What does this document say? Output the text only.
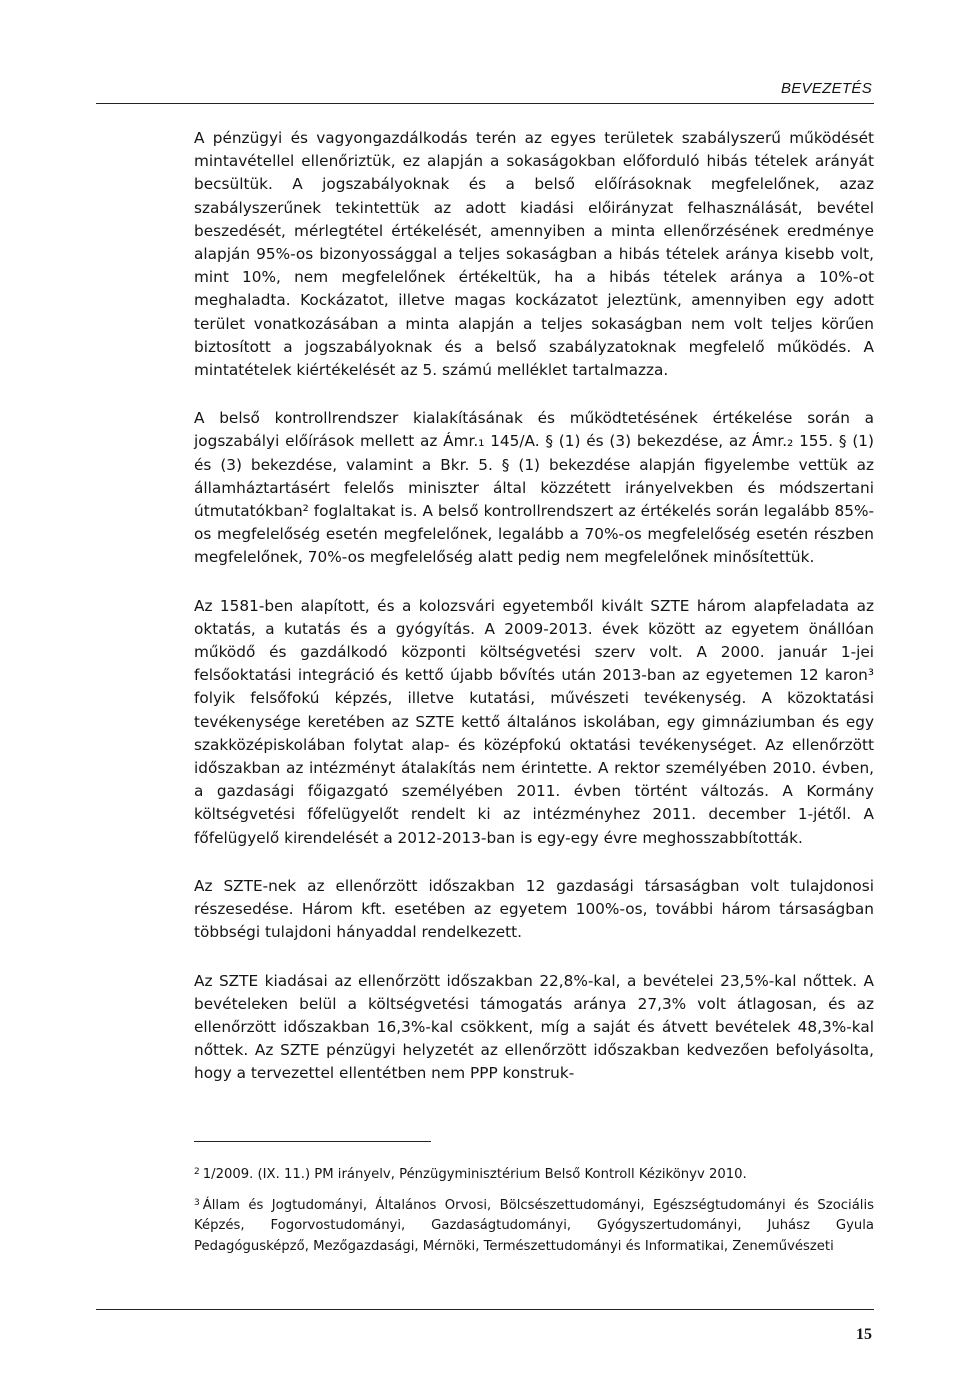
BEVEZETÉS

A pénzügyi és vagyongazdálkodás terén az egyes területek szabályszerű működését mintavétellel ellenőriztük, ez alapján a sokaságokban előforduló hibás tételek arányát becsültük. A jogszabályoknak és a belső előírásoknak megfelelőnek, azaz szabályszerűnek tekintettük az adott kiadási előirányzat felhasználását, bevétel beszedését, mérlegtétel értékelését, amennyiben a minta ellenőrzésének eredménye alapján 95%-os bizonyossággal a teljes sokaságban a hibás tételek aránya kisebb volt, mint 10%, nem megfelelőnek értékeltük, ha a hibás tételek aránya a 10%-ot meghaladta. Kockázatot, illetve magas kockázatot jeleztünk, amennyiben egy adott terület vonatkozásában a minta alapján a teljes sokaságban nem volt teljes körűen biztosított a jogszabályoknak és a belső szabályzatoknak megfelelő működés. A mintatételek kiértékelését az 5. számú melléklet tartalmazza.

A belső kontrollrendszer kialakításának és működtetésének értékelése során a jogszabályi előírások mellett az Ámr.₁ 145/A. § (1) és (3) bekezdése, az Ámr.₂ 155. § (1) és (3) bekezdése, valamint a Bkr. 5. § (1) bekezdése alapján figyelembe vettük az államháztartásért felelős miniszter által közzétett irányelvekben és módszertani útmutatókban² foglaltakat is. A belső kontrollrendszert az értékelés során legalább 85%-os megfelelőség esetén megfelelőnek, legalább a 70%-os megfelelőség esetén részben megfelelőnek, 70%-os megfelelőség alatt pedig nem megfelelőnek minősítettük.

Az 1581-ben alapított, és a kolozsvári egyetemből kivált SZTE három alapfeladata az oktatás, a kutatás és a gyógyítás. A 2009-2013. évek között az egyetem önállóan működő és gazdálkodó központi költségvetési szerv volt. A 2000. január 1-jei felsőoktatási integráció és kettő újabb bővítés után 2013-ban az egyetemen 12 karon³ folyik felsőfokú képzés, illetve kutatási, művészeti tevékenység. A közoktatási tevékenysége keretében az SZTE kettő általános iskolában, egy gimnáziumban és egy szakközépiskolában folytat alap- és középfokú oktatási tevékenységet. Az ellenőrzött időszakban az intézményt átalakítás nem érintette. A rektor személyében 2010. évben, a gazdasági főigazgató személyében 2011. évben történt változás. A Kormány költségvetési főfelügyelőt rendelt ki az intézményhez 2011. december 1-jétől. A főfelügyelő kirendelését a 2012-2013-ban is egy-egy évre meghosszabbították.

Az SZTE-nek az ellenőrzött időszakban 12 gazdasági társaságban volt tulajdonosi részesedése. Három kft. esetében az egyetem 100%-os, további három társaságban többségi tulajdoni hányaddal rendelkezett.

Az SZTE kiadásai az ellenőrzött időszakban 22,8%-kal, a bevételei 23,5%-kal nőttek. A bevételeken belül a költségvetési támogatás aránya 27,3% volt átlagosan, és az ellenőrzött időszakban 16,3%-kal csökkent, míg a saját és átvett bevételek 48,3%-kal nőttek. Az SZTE pénzügyi helyzetét az ellenőrzött időszakban kedvezően befolyásolta, hogy a tervezettel ellentétben nem PPP konstruk-

$^2$ 1/2009. (IX. 11.) PM irányelv, Pénzügyminisztérium Belső Kontroll Kézikönyv 2010.

$^3$ Állam és Jogtudományi, Általános Orvosi, Bölcsészettudományi, Egészségtudományi és Szociális Képzés, Fogorvostudományi, Gazdaságtudományi, Gyógyszertudományi, Juhász Gyula Pedagógusképző, Mezőgazdasági, Mérnöki, Természettudományi és Informatikai, Zeneművészeti

15
